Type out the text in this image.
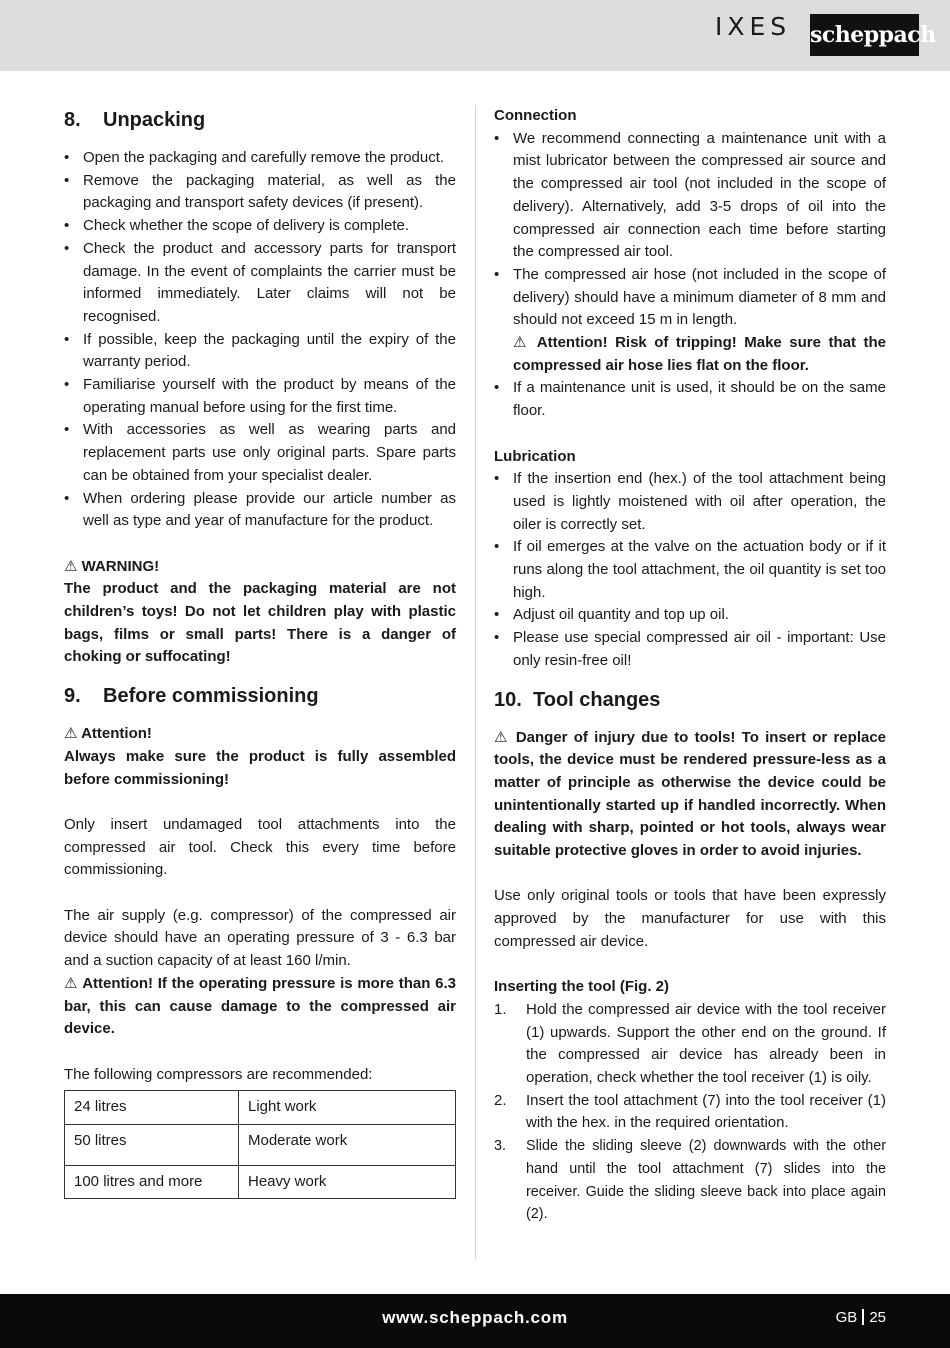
IXES scheppach
8. Unpacking
• Open the packaging and carefully remove the product.
• Remove the packaging material, as well as the packaging and transport safety devices (if present).
• Check whether the scope of delivery is complete.
• Check the product and accessory parts for transport damage. In the event of complaints the carrier must be informed immediately. Later claims will not be recognised.
• If possible, keep the packaging until the expiry of the warranty period.
• Familiarise yourself with the product by means of the operating manual before using for the first time.
• With accessories as well as wearing parts and replacement parts use only original parts. Spare parts can be obtained from your specialist dealer.
• When ordering please provide our article number as well as type and year of manufacture for the product.

⚠ WARNING!

The product and the packaging material are not children’s toys! Do not let children play with plastic bags, films or small parts! There is a danger of choking or suffocating!

9. Before commissioning

⚠ Attention!

Always make sure the product is fully assembled before commissioning!

Only insert undamaged tool attachments into the compressed air tool. Check this every time before commissioning.

The air supply (e.g. compressor) of the compressed air device should have an operating pressure of 3 - 6.3 bar and a suction capacity of at least 160 l/min.

⚠ Attention! If the operating pressure is more than 6.3 bar, this can cause damage to the compressed air device.

The following compressors are recommended:

24 litres	Light work
50 litres	Moderate work
100 litres and more	Heavy work

Connection

• We recommend connecting a maintenance unit with a mist lubricator between the compressed air source and the compressed air tool (not included in the scope of delivery). Alternatively, add 3-5 drops of oil into the compressed air connection each time before starting the compressed air tool.
• The compressed air hose (not included in the scope of delivery) should have a minimum diameter of 8 mm and should not exceed 15 m in length.
⚠ Attention! Risk of tripping! Make sure that the compressed air hose lies flat on the floor.
• If a maintenance unit is used, it should be on the same floor.

Lubrication

• If the insertion end (hex.) of the tool attachment being used is lightly moistened with oil after operation, the oiler is correctly set.
• If oil emerges at the valve on the actuation body or if it runs along the tool attachment, the oil quantity is set too high.
• Adjust oil quantity and top up oil.
• Please use special compressed air oil - important: Use only resin-free oil!
10. Tool changes

⚠ Danger of injury due to tools! To insert or replace tools, the device must be rendered pressure-less as a matter of principle as otherwise the device could be unintentionally started up if handled incorrectly. When dealing with sharp, pointed or hot tools, always wear suitable protective gloves in order to avoid injuries.

Use only original tools or tools that have been expressly approved by the manufacturer for use with this compressed air device.

Inserting the tool (Fig. 2)

1. Hold the compressed air device with the tool receiver (1) upwards. Support the other end on the ground. If the compressed air device has already been in operation, check whether the tool receiver (1) is oily.
2. Insert the tool attachment (7) into the tool receiver (1) with the hex. in the required orientation.
3. Slide the sliding sleeve (2) downwards with the other hand until the tool attachment (7) slides into the receiver. Guide the sliding sleeve back into place again (2).
www.scheppach.com	GB 25
